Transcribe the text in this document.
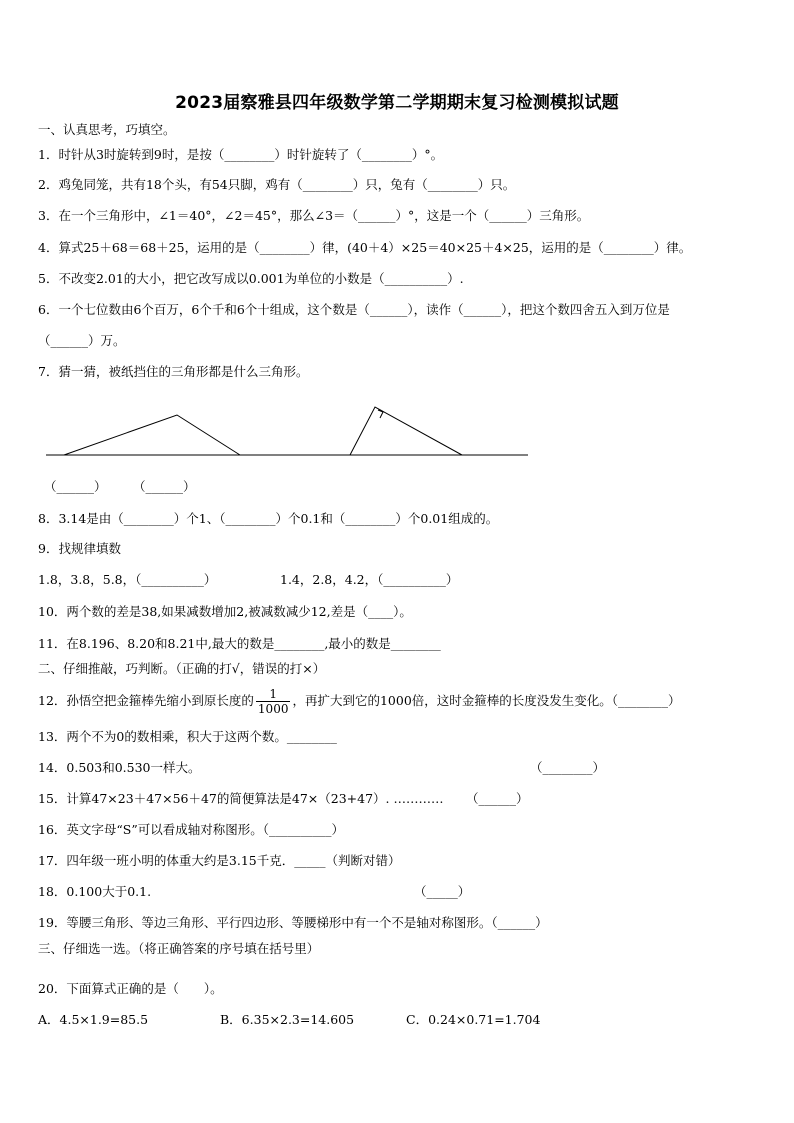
2023届察雅县四年级数学第二学期期末复习检测模拟试题
一、认真思考，巧填空。
1．时针从3时旋转到9时，是按（________）时针旋转了（________）°。
2．鸡兔同笼，共有18个头，有54只脚，鸡有（________）只，兔有（________）只。
3．在一个三角形中，∠1＝40°，∠2＝45°，那么∠3＝（______）°，这是一个（______）三角形。
4．算式25＋68＝68＋25，运用的是（________）律，(40＋4）×25＝40×25＋4×25，运用的是（________）律。
5．不改变2.01的大小，把它改写成以0.001为单位的小数是（__________）.
6．一个七位数由6个百万，6个千和6个十组成，这个数是（______），读作（______），把这个数四舍五入到万位是
（______）万。
7．猜一猜，被纸挡住的三角形都是什么三角形。
（______） （______）
8．3.14是由（________）个1、（________）个0.1和（________）个0.01组成的。
9．找规律填数
1.8，3.8，5.8，（__________）	1.4，2.8，4.2，（__________）
10．两个数的差是38,如果减数增加2,被减数减少12,差是（____）。
11．在8.196、8.20和8.21中,最大的数是________,最小的数是________
二、仔细推敲，巧判断。（正确的打√，错误的打×）
12．孙悟空把金箍棒先缩小到原长度的 $\frac{1}{1000}$ ，再扩大到它的1000倍，这时金箍棒的长度没发生变化。（________）
13．两个不为0的数相乘，积大于这两个数。________
14．0.503和0.530一样大。	（________）
15．计算47×23＋47×56＋47的简便算法是47×（23+47）. ………… （______）
16．英文字母“S”可以看成轴对称图形。（__________）
17．四年级一班小明的体重大约是3.15千克．_____（判断对错）
18．0.100大于0.1.	（_____）
19．等腰三角形、等边三角形、平行四边形、等腰梯形中有一个不是轴对称图形。（______）
三、仔细选一选。（将正确答案的序号填在括号里）
20．下面算式正确的是（　　）。
A．4.5×1.9=85.5	B．6.35×2.3=14.605	C．0.24×0.71=1.704
